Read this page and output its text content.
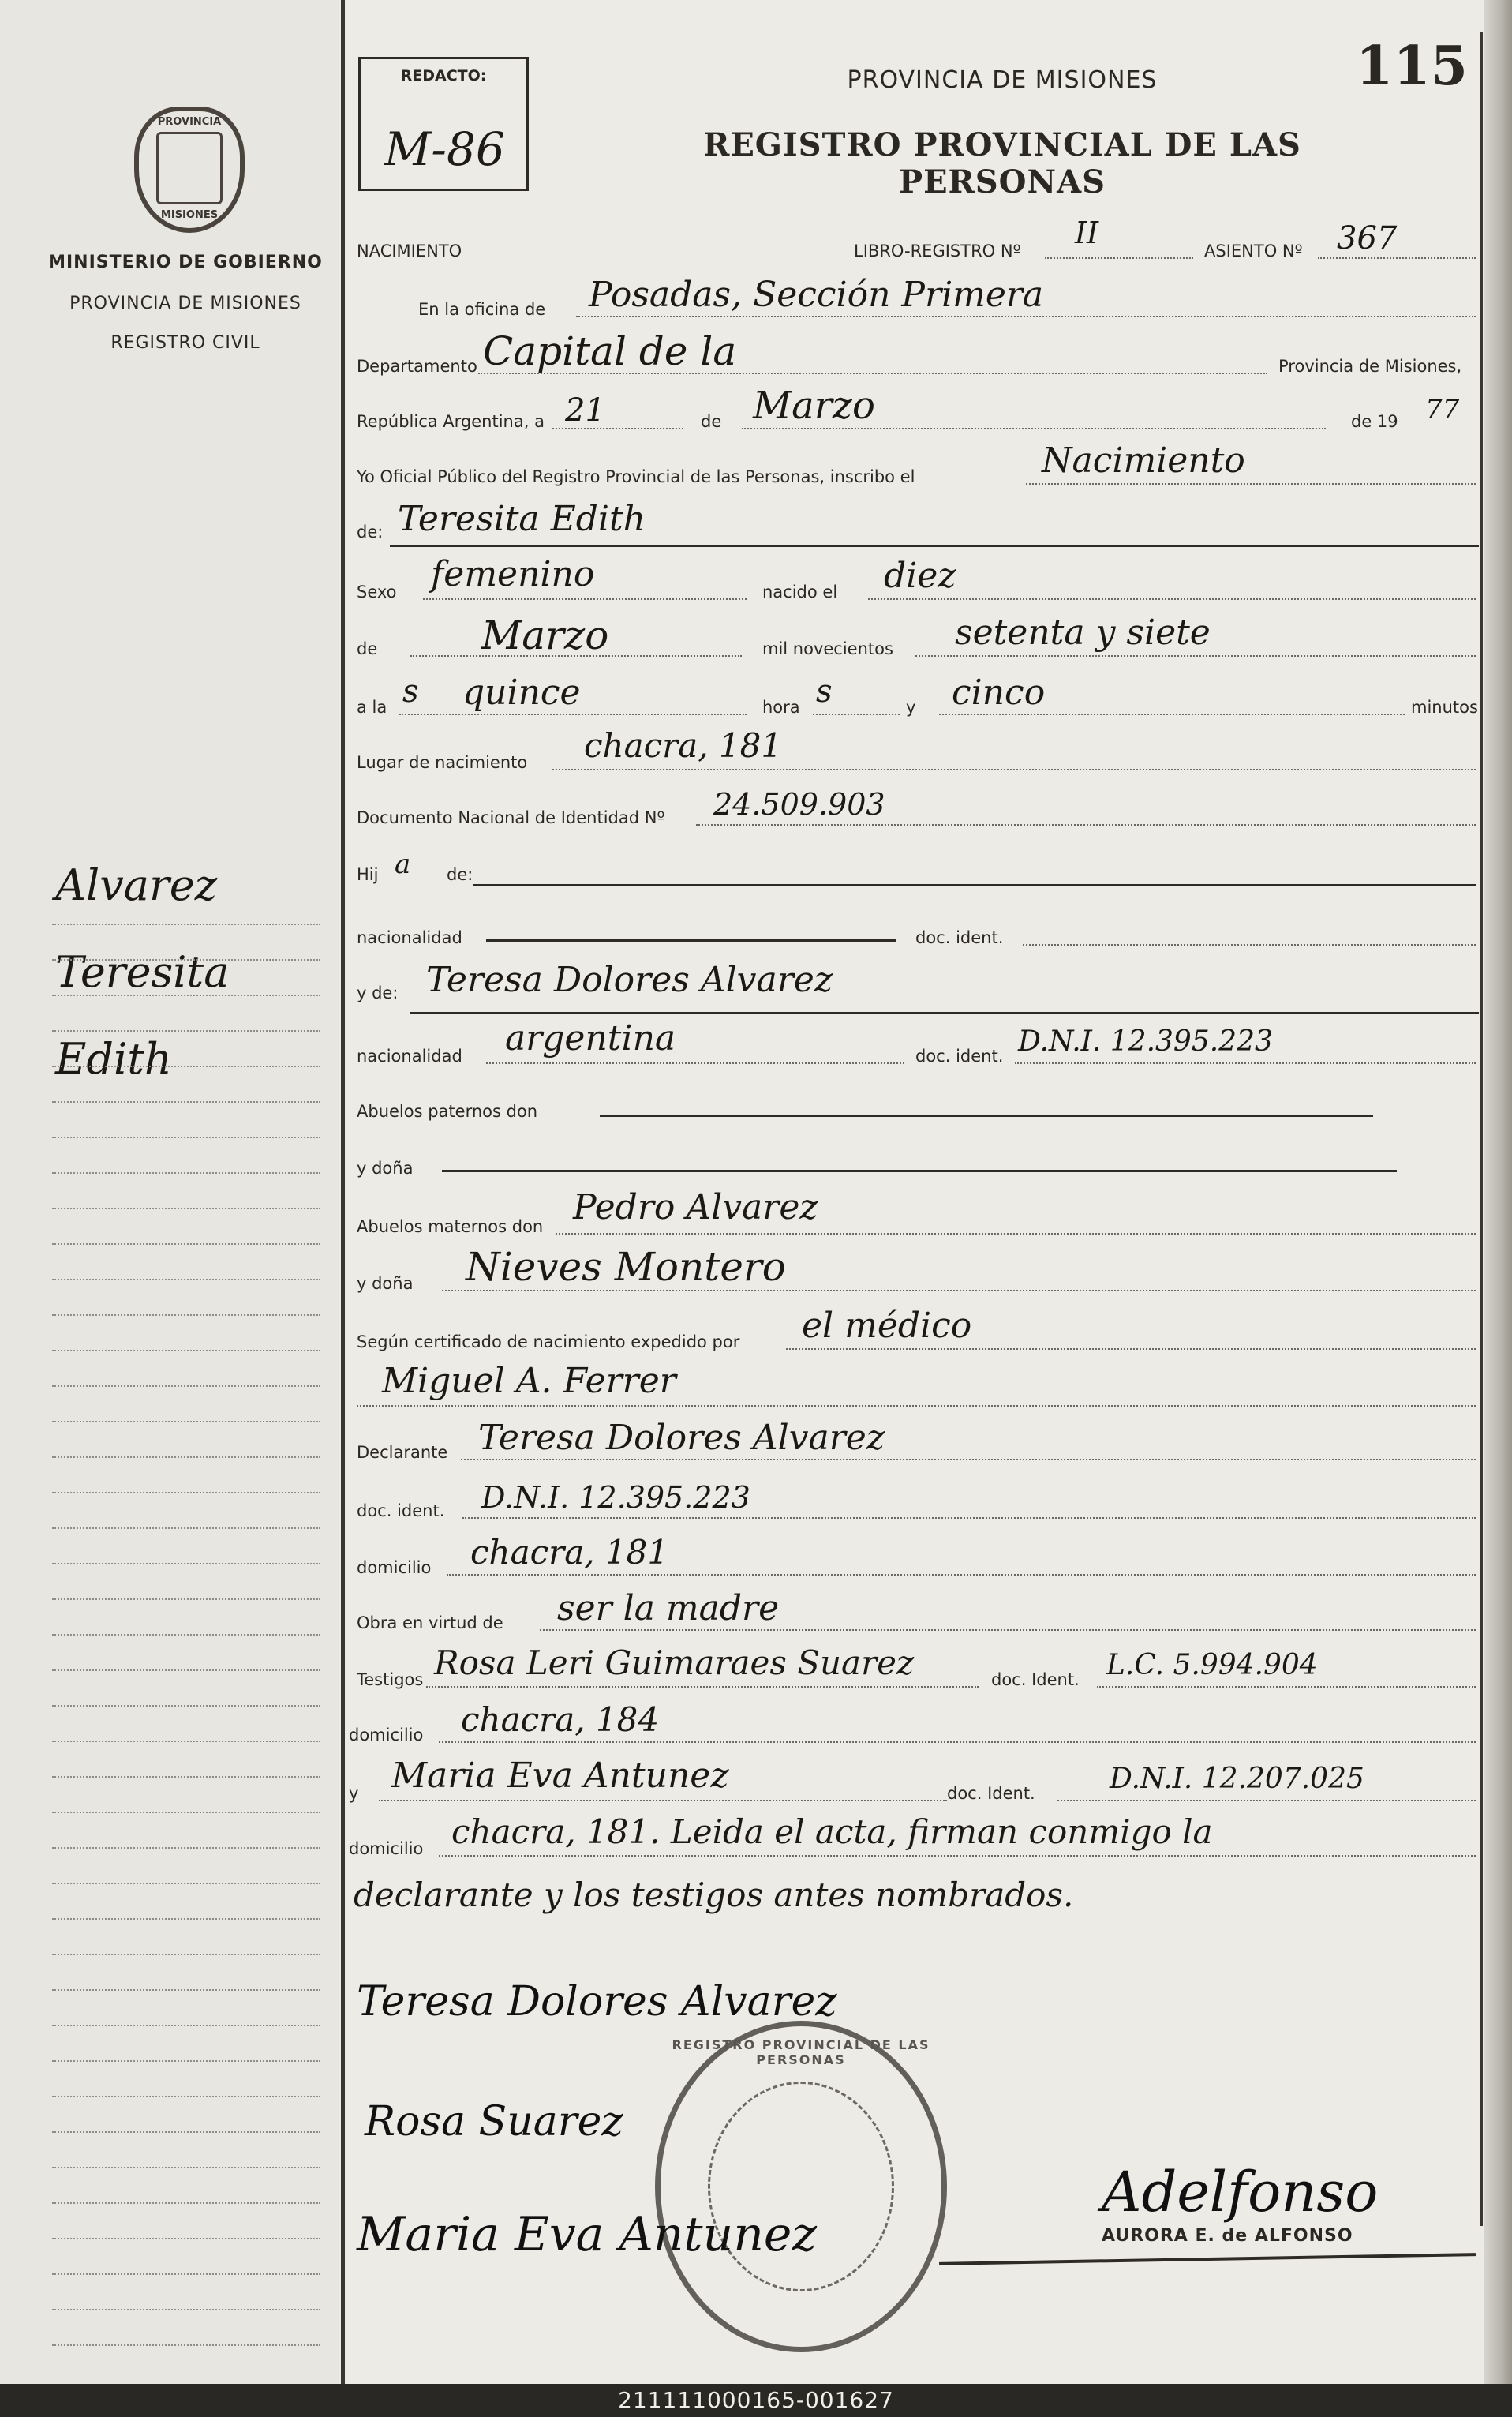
PROVINCIA
MISIONES
MINISTERIO DE GOBIERNO
PROVINCIA DE MISIONES
REGISTRO CIVIL
Alvarez
Teresita
Edith
REDACTO:
M-86
PROVINCIA DE MISIONES
REGISTRO PROVINCIAL DE LAS PERSONAS
115
NACIMIENTO	LIBRO-REGISTRO Nº
II
ASIENTO Nº 367
En la oficina de Posadas, Sección Primera
Departamento Capital de la	Provincia de Misiones,
República Argentina, a 21	de Marzo	de 19 77
Yo Oficial Público del Registro Provincial de las Personas, inscribo el	Nacimiento
de: Teresita Edith
Sexo femenino	nacido el diez
de	Marzo	mil novecientos setenta y siete
a la s quince	hora s	y cinco	minutos
Lugar de nacimiento chacra, 181
Documento Nacional de Identidad Nº 24.509.903
Hij a de:
nacionalidad	doc. ident.
y de: Teresa Dolores Alvarez
nacionalidad argentina	doc. ident. D.N.I. 12.395.223
Abuelos paternos don
y doña
Abuelos maternos don Pedro Alvarez
y doña Nieves Montero
Según certificado de nacimiento expedido por el médico
Miguel A. Ferrer
Declarante Teresa Dolores Alvarez
doc. ident. D.N.I. 12.395.223
domicilio chacra, 181
Obra en virtud de ser la madre
Testigos Rosa Leri Guimaraes Suarez	doc. Ident. L.C. 5.994.904
domicilio chacra, 184
y Maria Eva Antunez	doc. Ident.	D.N.I. 12.207.025
domicilio chacra, 181. Leida el acta, firman conmigo la
declarante y los testigos antes nombrados.
REGISTRO PROVINCIAL DE LAS PERSONAS
Teresa Dolores Alvarez
Rosa Suarez
Maria Eva Antunez
Adelfonso
AURORA E. de ALFONSO
211111000165-001627
